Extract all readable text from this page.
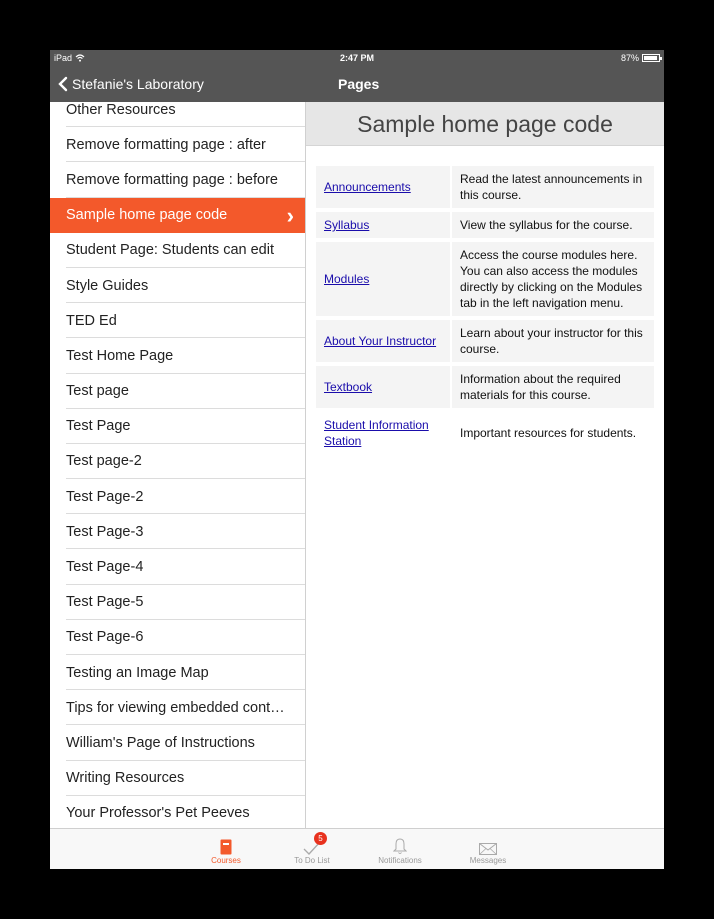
iPad	2:47 PM	87%
Stefanie's Laboratory	Pages
Other Resources
Remove formatting page : after
Remove formatting page : before
Sample home page code	›
Student Page: Students can edit
Style Guides
TED Ed
Test Home Page
Test page
Test Page
Test page-2
Test Page-2
Test Page-3
Test Page-4
Test Page-5
Test Page-6
Testing an Image Map
Tips for viewing embedded cont…
William's Page of Instructions
Writing Resources
Your Professor's Pet Peeves
Sample home page code
Announcements	Read the latest announcements in this course.
Syllabus	View the syllabus for the course.
Modules	Access the course modules here. You can also access the modules directly by clicking on the Modules tab in the left navigation menu.
About Your Instructor	Learn about your instructor for this course.
Textbook	Information about the required materials for this course.
Student Information Station	Important resources for students.
Courses
5
To Do List	Notifications	Messages
